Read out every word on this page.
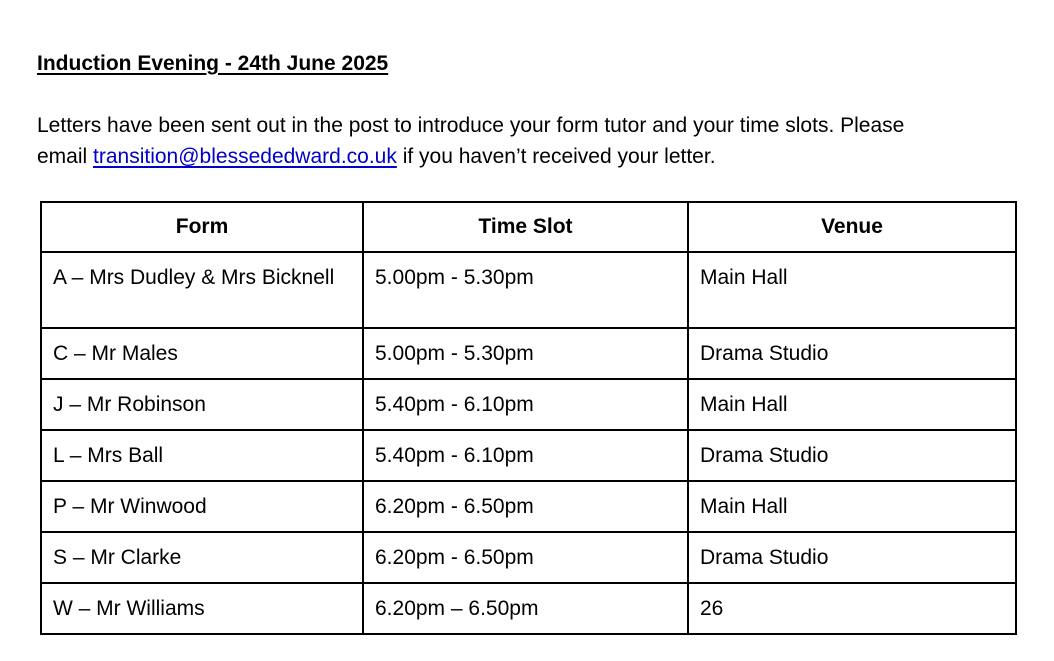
Induction Evening - 24th June 2025

Letters have been sent out in the post to introduce your form tutor and your time slots. Please
email transition@blessededward.co.uk if you haven’t received your letter.

Form	Time Slot	Venue
A – Mrs Dudley & Mrs Bicknell	5.00pm - 5.30pm	Main Hall
C – Mr Males	5.00pm - 5.30pm	Drama Studio
J – Mr Robinson	5.40pm - 6.10pm	Main Hall
L – Mrs Ball	5.40pm - 6.10pm	Drama Studio
P – Mr Winwood	6.20pm - 6.50pm	Main Hall
S – Mr Clarke	6.20pm - 6.50pm	Drama Studio
W – Mr Williams	6.20pm – 6.50pm	26
